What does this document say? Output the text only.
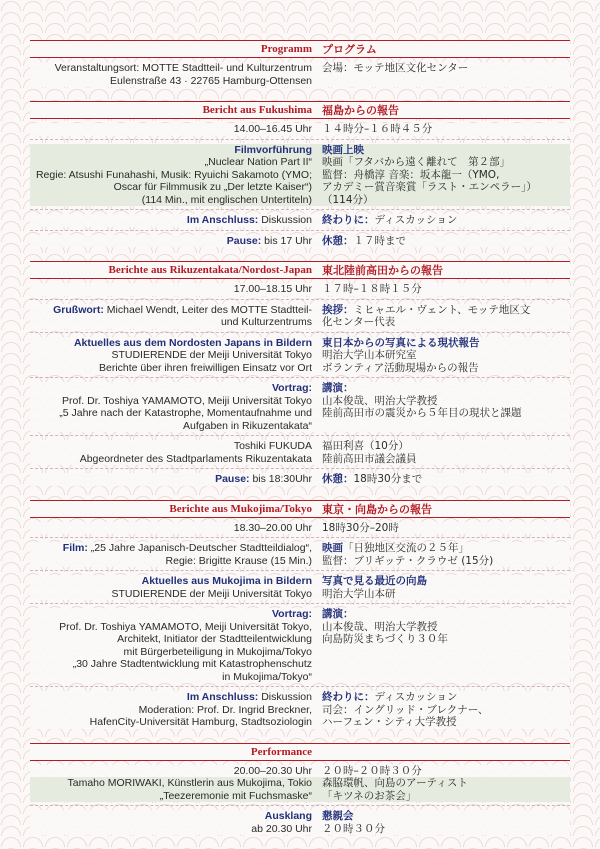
Programm プログラム
Veranstaltungsort: MOTTE Stadtteil- und Kulturzentrum 会場：モッテ地区文化センター
Eulenstraße 43 · 22765 Hamburg-Ottensen
Bericht aus Fukushima 福島からの報告
14.00–16.45 Uhr １４時分–１６時４５分
Filmvorführung 映画上映
„Nuclear Nation Part II“ 映画「フタバから遠く離れて　第２部」
Regie: Atsushi Funahashi, Musik: Ryuichi Sakamoto (YMO; 監督：舟橋淳 音楽：坂本龍一（YMO,
Oscar für Filmmusik zu „Der letzte Kaiser“) アカデミー賞音楽賞「ラスト・エンペラー」）
(114 Min., mit englischen Untertiteln) （114分）
Im Anschluss: Diskussion 終わりに：ディスカッション
Pause: bis 17 Uhr 休憩：１７時まで
Berichte aus Rikuzentakata/Nordost-Japan 東北陸前高田からの報告
17.00–18.15 Uhr １７時–１８時１５分
Grußwort: Michael Wendt, Leiter des MOTTE Stadtteil- 挨拶：ミヒャエル・ヴェント、モッテ地区文
und Kulturzentrums 化センター代表
Aktuelles aus dem Nordosten Japans in Bildern 東日本からの写真による現状報告
STUDIERENDE der Meiji Universität Tokyo 明治大学山本研究室
Berichte über ihren freiwilligen Einsatz vor Ort ボランティア活動現場からの報告
Vortrag: 講演：
Prof. Dr. Toshiya YAMAMOTO, Meiji Universität Tokyo 山本俊哉、明治大学教授
„5 Jahre nach der Katastrophe, Momentaufnahme und 陸前高田市の震災から５年目の現状と課題
Aufgaben in Rikuzentakata“
Toshiki FUKUDA 福田利喜（10分）
Abgeordneter des Stadtparlaments Rikuzentakata 陸前高田市議会議員
Pause: bis 18:30Uhr 休憩：18時30分まで
Berichte aus Mukojima/Tokyo 東京・向島からの報告
18.30–20.00 Uhr 18時30分–20時
Film: „25 Jahre Japanisch-Deutscher Stadtteildialog“, 映画「日独地区交流の２５年」
Regie: Brigitte Krause (15 Min.) 監督：ブリギッテ・クラウゼ (15分)
Aktuelles aus Mukojima in Bildern 写真で見る最近の向島
STUDIERENDE der Meiji Universität Tokyo 明治大学山本研
Vortrag: 講演：
Prof. Dr. Toshiya YAMAMOTO, Meiji Universität Tokyo, 山本俊哉、明治大学教授
Architekt, Initiator der Stadtteilentwicklung 向島防災まちづくり３０年
mit Bürgerbeteiligung in Mukojima/Tokyo
„30 Jahre Stadtentwicklung mit Katastrophenschutz
in Mukojima/Tokyo“
Im Anschluss: Diskussion 終わりに：ディスカッション
Moderation: Prof. Dr. Ingrid Breckner, 司会：イングリッド・ブレクナー、
HafenCity-Universität Hamburg, Stadtsoziologin ハーフェン・シティ大学教授
Performance
20.00–20.30 Uhr ２０時–２０時３０分
Tamaho MORIWAKI, Künstlerin aus Mukojima, Tokio 森脇環帆、向島のアーティスト
„Teezeremonie mit Fuchsmaske“ 「キツネのお茶会」
Ausklang 懇親会
ab 20.30 Uhr ２０時３０分
